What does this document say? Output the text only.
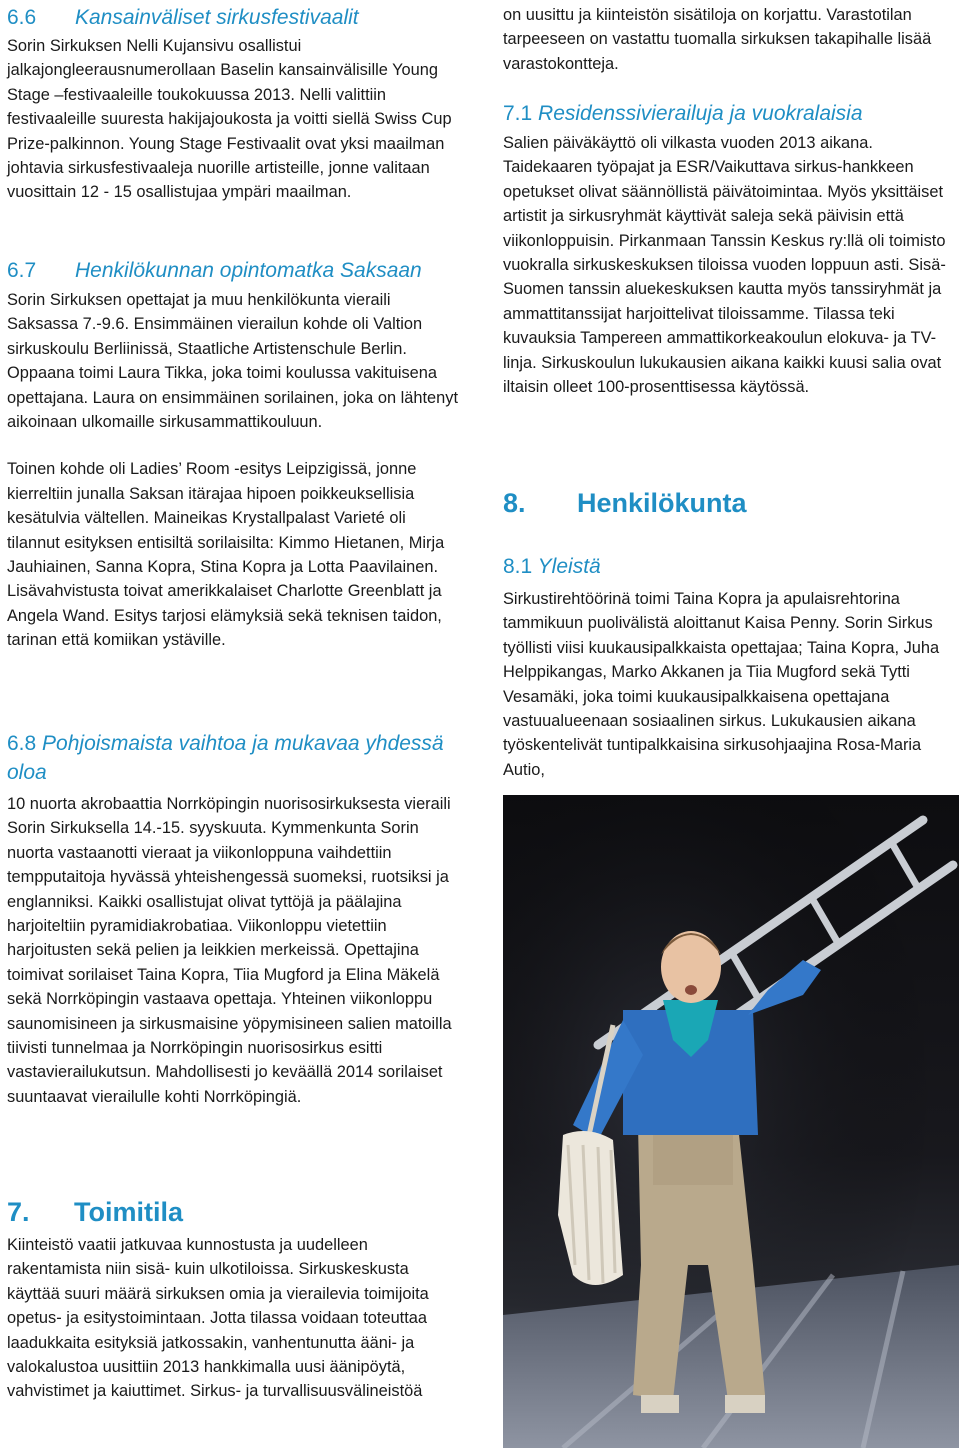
6.6 Kansainväliset sirkusfestivaalit

Sorin Sirkuksen Nelli Kujansivu osallistui jalkajongleerausnumerollaan Baselin kansainvälisille Young Stage –festivaaleille toukokuussa 2013. Nelli valittiin festivaaleille suuresta hakijajoukosta ja voitti siellä Swiss Cup Prize-palkinnon. Young Stage Festivaalit ovat yksi maailman johtavia sirkusfestivaaleja nuorille artisteille, jonne valitaan vuosittain 12 - 15 osallistujaa ympäri maailman.

6.7 Henkilökunnan opintomatka Saksaan

Sorin Sirkuksen opettajat ja muu henkilökunta vieraili Saksassa 7.-9.6. Ensimmäinen vierailun kohde oli Valtion sirkuskoulu Berliinissä, Staatliche Artistenschule Berlin. Oppaana toimi Laura Tikka, joka toimi koulussa vakituisena opettajana. Laura on ensimmäinen sorilainen, joka on lähtenyt aikoinaan ulkomaille sirkusammattikouluun.

Toinen kohde oli Ladies’ Room -esitys Leipzigissä, jonne kierreltiin junalla Saksan itärajaa hipoen poikkeuksellisia kesätulvia vältellen. Maineikas Krystallpalast Varieté oli tilannut esityksen entisiltä sorilaisilta: Kimmo Hietanen, Mirja Jauhiainen, Sanna Kopra, Stina Kopra ja Lotta Paavilainen. Lisävahvistusta toivat amerikkalaiset Charlotte Greenblatt ja Angela Wand. Esitys tarjosi elämyksiä sekä teknisen taidon, tarinan että komiikan ystäville.

6.8 Pohjoismaista vaihtoa ja mukavaa yhdessä oloa

10 nuorta akrobaattia Norrköpingin nuorisosirkuksesta vieraili Sorin Sirkuksella 14.-15. syyskuuta. Kymmenkunta Sorin nuorta vastaanotti vieraat ja viikonloppuna vaihdettiin tempputaitoja hyvässä yhteishengessä suomeksi, ruotsiksi ja englanniksi. Kaikki osallistujat olivat tyttöjä ja päälajina harjoiteltiin pyramidiakrobatiaa. Viikonloppu vietettiin harjoitusten sekä pelien ja leikkien merkeissä. Opettajina toimivat sorilaiset Taina Kopra, Tiia Mugford ja Elina Mäkelä sekä Norrköpingin vastaava opettaja. Yhteinen viikonloppu saunomisineen ja sirkusmaisine yöpymisineen salien matoilla tiivisti tunnelmaa ja Norrköpingin nuorisosirkus esitti vastavierailukutsun. Mahdollisesti jo keväällä 2014 sorilaiset suuntaavat vierailulle kohti Norrköpingiä.

7. Toimitila

Kiinteistö vaatii jatkuvaa kunnostusta ja uudelleen rakentamista niin sisä- kuin ulkotiloissa. Sirkuskeskusta käyttää suuri määrä sirkuksen omia ja vierailevia toimijoita opetus- ja esitystoimintaan. Jotta tilassa voidaan toteuttaa laadukkaita esityksiä jatkossakin, vanhentunutta ääni- ja valokalustoa uusittiin 2013 hankkimalla uusi äänipöytä, vahvistimet ja kaiuttimet. Sirkus- ja turvallisuusvälineistöä

on uusittu ja kiinteistön sisätiloja on korjattu. Varastotilan tarpeeseen on vastattu tuomalla sirkuksen takapihalle lisää varastokontteja.

7.1 Residenssivierailuja ja vuokralaisia

Salien päiväkäyttö oli vilkasta vuoden 2013 aikana. Taidekaaren työpajat ja ESR/Vaikuttava sirkus-hankkeen opetukset olivat säännöllistä päivätoimintaa. Myös yksittäiset artistit ja sirkusryhmät käyttivät saleja sekä päivisin että viikonloppuisin. Pirkanmaan Tanssin Keskus ry:llä oli toimisto vuokralla sirkuskeskuksen tiloissa vuoden loppuun asti. Sisä-Suomen tanssin aluekeskuksen kautta myös tanssiryhmät ja ammattitanssijat harjoittelivat tiloissamme. Tilassa teki kuvauksia Tampereen ammattikorkeakoulun elokuva- ja TV-linja. Sirkuskoulun lukukausien aikana kaikki kuusi salia ovat iltaisin olleet 100-prosenttisessa käytössä.

8. Henkilökunta
8.1 Yleistä

Sirkustirehtöörinä toimi Taina Kopra ja apulaisrehtorina tammikuun puolivälistä aloittanut Kaisa Penny. Sorin Sirkus työllisti viisi kuukausipalkkaista opettajaa; Taina Kopra, Juha Helppikangas, Marko Akkanen ja Tiia Mugford sekä Tytti Vesamäki, joka toimi kuukausipalkkaisena opettajana vastuualueenaan sosiaalinen sirkus. Lukukausien aikana työskentelivät tuntipalkkaisina sirkusohjaajina Rosa-Maria Autio,
